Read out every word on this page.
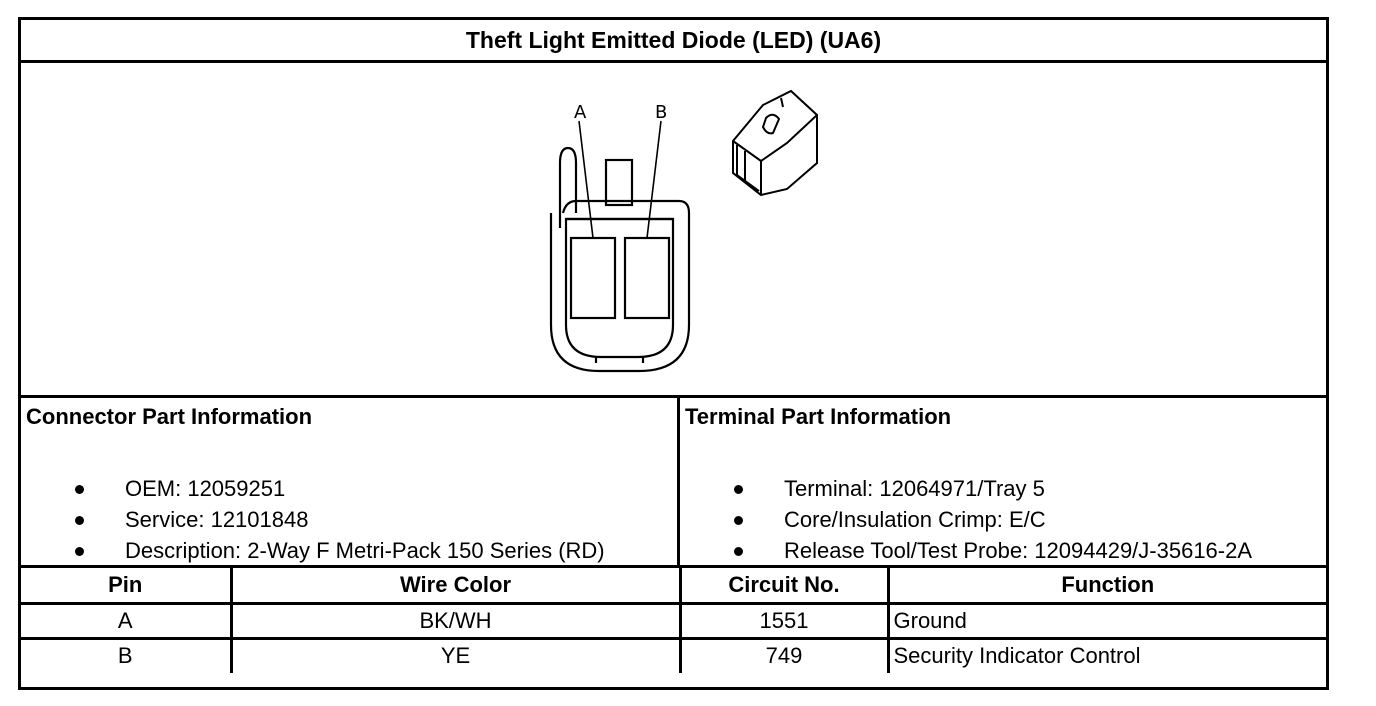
Theft Light Emitted Diode (LED) (UA6)
A	B
Connector Part Information
OEM: 12059251
Service: 12101848
Description: 2-Way F Metri-Pack 150 Series (RD)
Terminal Part Information
Terminal: 12064971/Tray 5
Core/Insulation Crimp: E/C
Release Tool/Test Probe: 12094429/J-35616-2A
Pin	Wire Color	Circuit No.	Function
A	BK/WH	1551	Ground
B	YE	749	Security Indicator Control
